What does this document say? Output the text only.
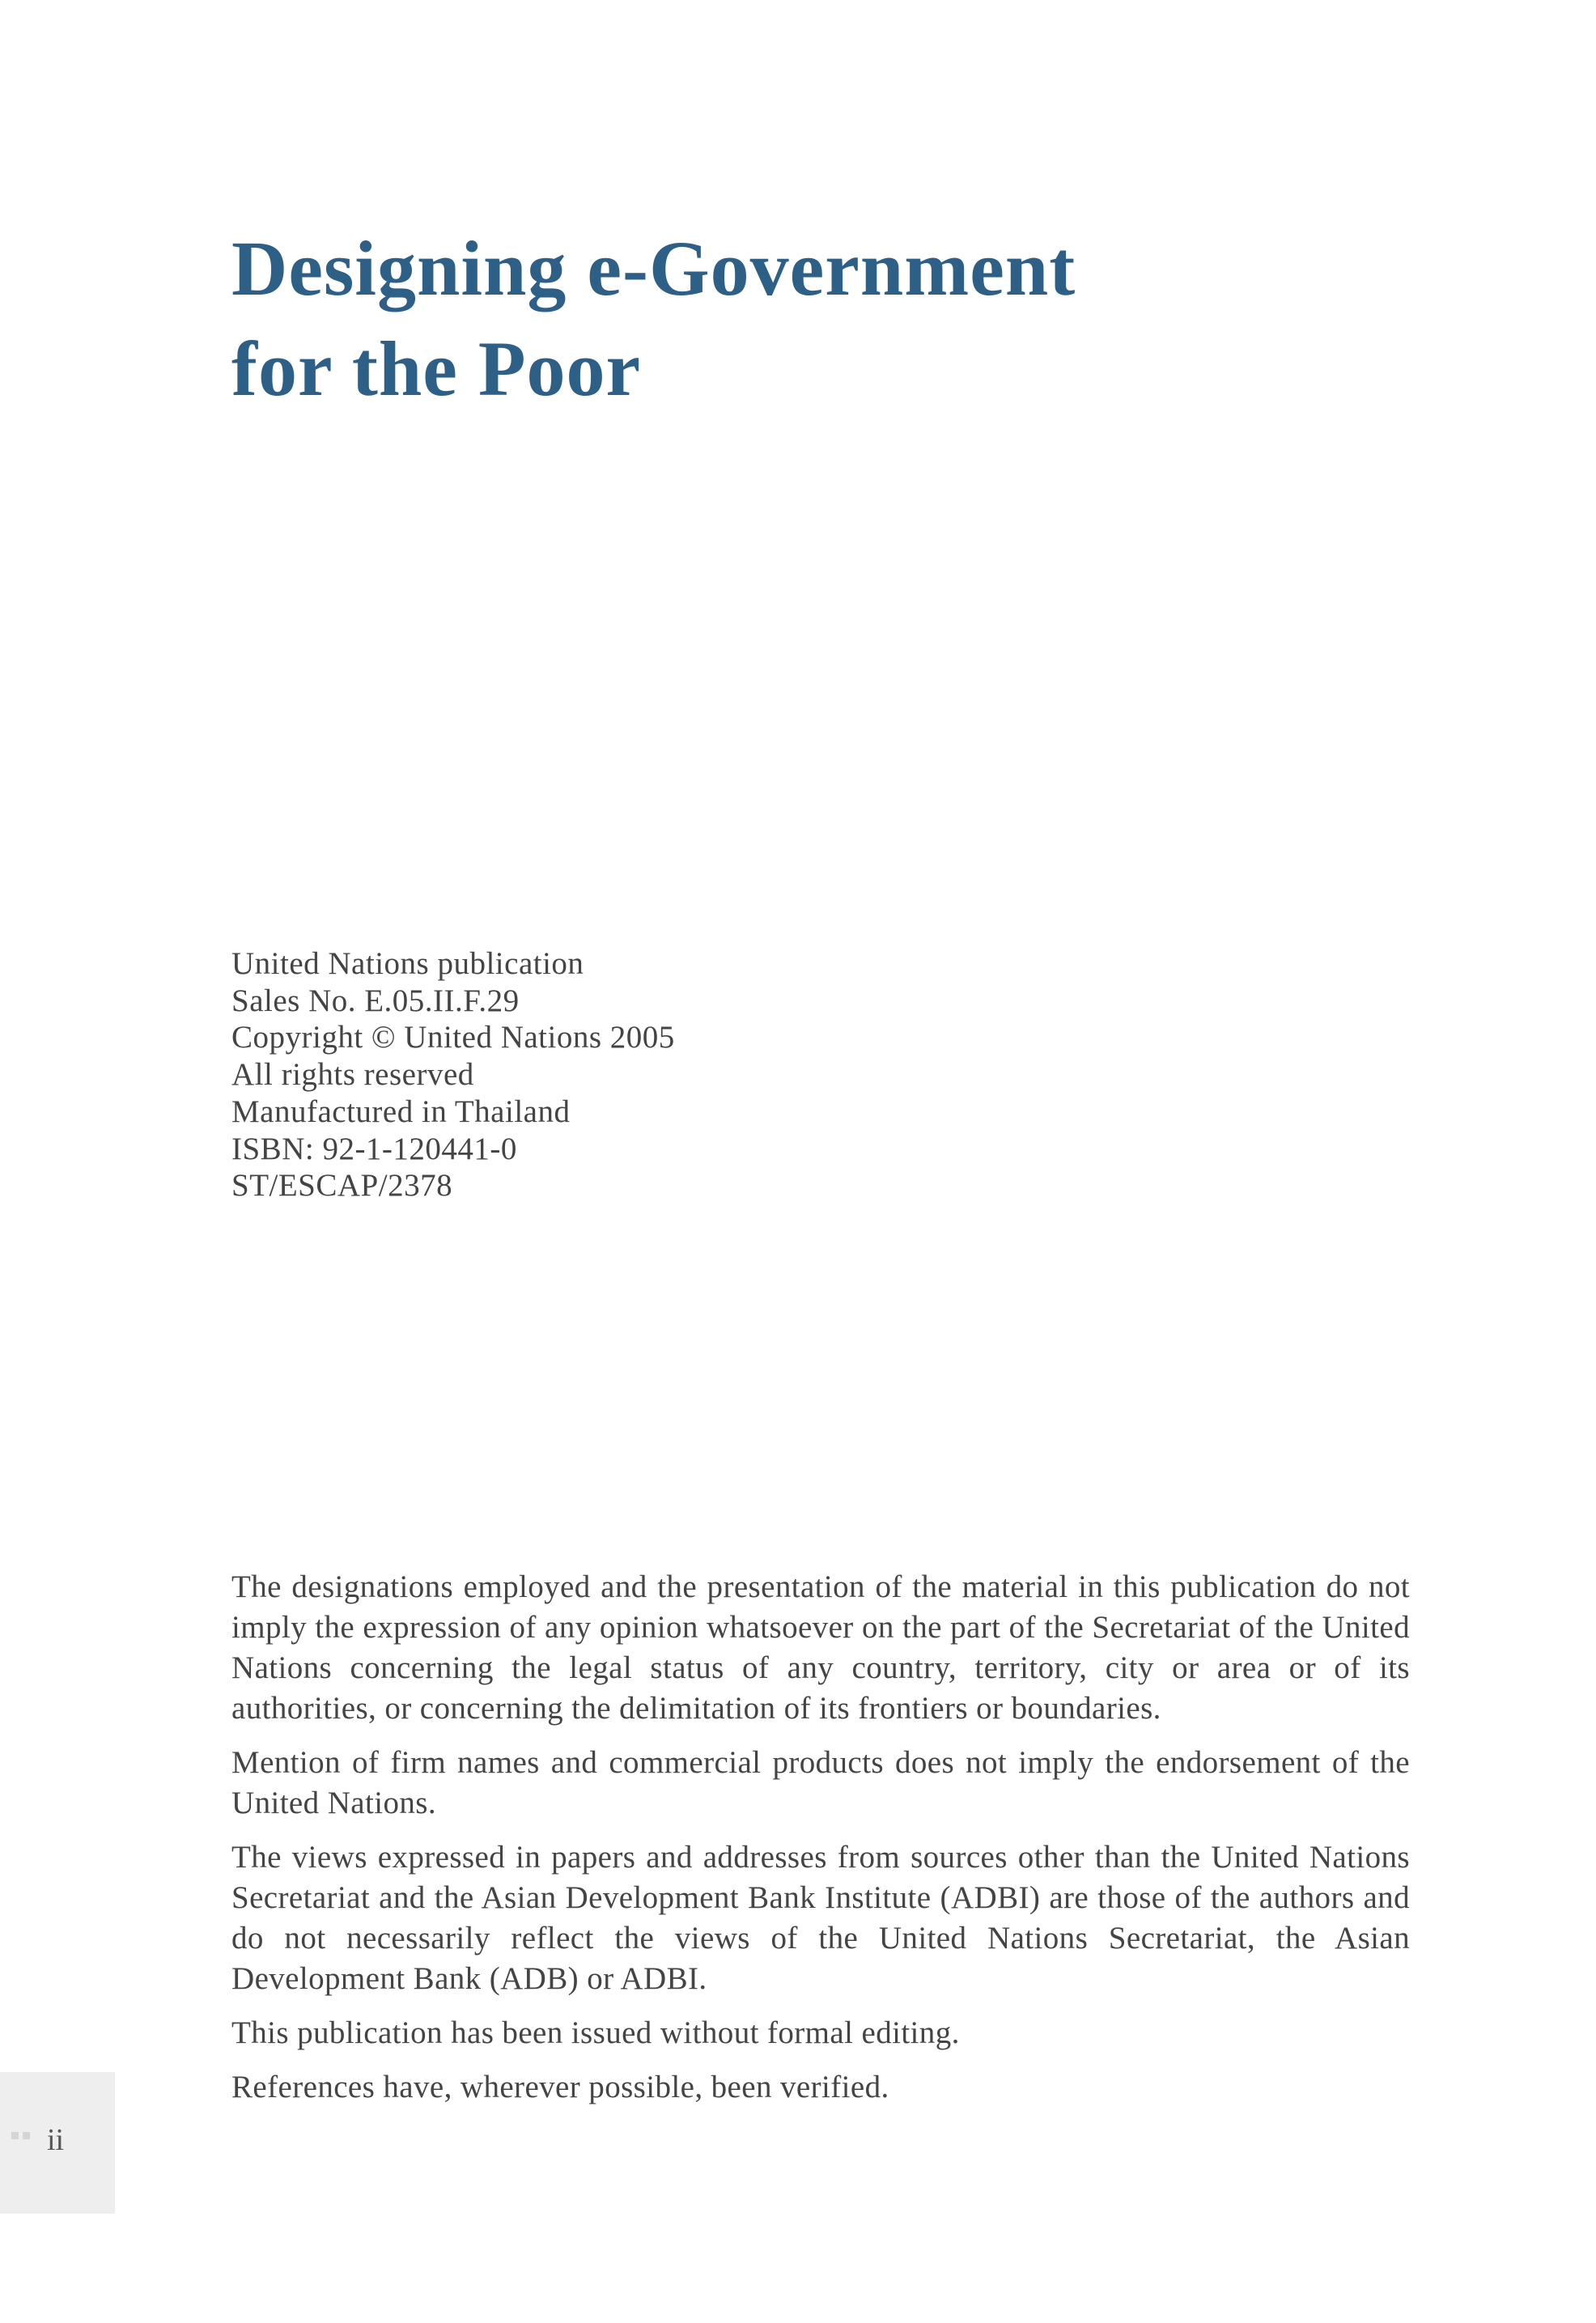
Designing e-Government
for the Poor
United Nations publication
Sales No. E.05.II.F.29
Copyright © United Nations 2005
All rights reserved
Manufactured in Thailand
ISBN: 92-1-120441-0
ST/ESCAP/2378

The designations employed and the presentation of the material in this publication do not imply the expression of any opinion whatsoever on the part of the Secretariat of the United Nations concerning the legal status of any country, territory, city or area or of its authorities, or concerning the delimitation of its frontiers or boundaries.

Mention of firm names and commercial products does not imply the endorsement of the United Nations.

The views expressed in papers and addresses from sources other than the United Nations Secretariat and the Asian Development Bank Institute (ADBI) are those of the authors and do not necessarily reflect the views of the United Nations Secretariat, the Asian Development Bank (ADB) or ADBI.

This publication has been issued without formal editing.

References have, wherever possible, been verified.

ii
